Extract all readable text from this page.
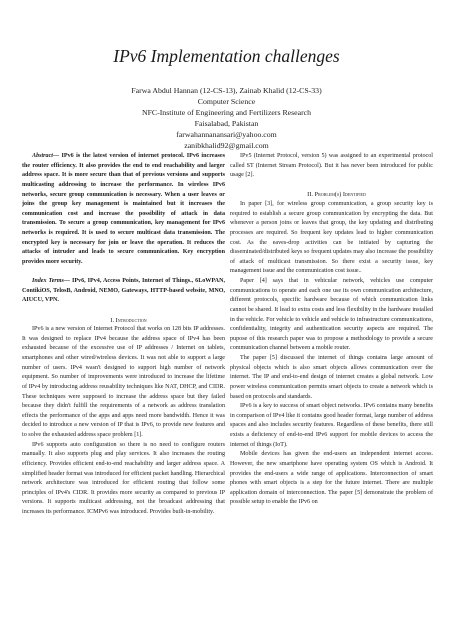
IPv6 Implementation challenges
Farwa Abdul Hannan (12-CS-13), Zainab Khalid (12-CS-33)
Computer Science
NFC-Institute of Engineering and Fertilizers Research
Faisalabad, Pakistan
farwahannanansari@yahoo.com
zanibkhalid92@gmail.com

Abstract— IPv6 is the latest version of internet protocol. IPv6 increases the router efficiency. It also provides the end to end reachability and larger address space. It is more secure than that of previous versions and supports multicasting addressing to increase the performance. In wireless IPv6 networks, secure group communication is necessary. When a user leaves or joins the group key management is maintained but it increases the communication cost and increase the possibility of attack in data transmission. To secure a group communication, key management for IPv6 networks is required. It is used to secure multicast data transmission. The encrypted key is necessary for join or leave the operation. It reduces the attacks of intruder and leads to secure communication. Key encryption provides more security.

Index Terms— IPv6, IPv4, Access Points, Internet of Things., 6LoWPAN, ContikiOS, TelosB, Android, NEMO, Gateways, HTTP-based website, MNO, AIUCU, VPN.

I. Introduction

IPv6 is a new version of Internet Protocol that works on 128 bits IP addresses. It was designed to replace IPv4 because the address space of IPv4 has been exhausted because of the excessive use of IP addresses / Internet on tablets, smartphones and other wired/wireless devices. It was not able to support a large number of users. IPv4 wasn't designed to support high number of network equipment. So number of improvements were introduced to increase the lifetime of IPv4 by introducing address reusability techniques like NAT, DHCP, and CIDR. These techniques were supposed to increase the address space but they failed because they didn't fulfill the requirements of a network as address translation effects the performance of the apps and apps need more bandwidth. Hence it was decided to introduce a new version of IP that is IPv6, to provide new features and to solve the exhausted address space problem [1].

IPv6 supports auto configuration so there is no need to configure routers manually. It also supports plug and play services. It also increases the routing efficiency. Provides efficient end-to-end reachability and larger address space. A simplified header format was introduced for efficient packet handling. Hierarchical network architecture was introduced for efficient routing that follow some principles of IPv4's CIDR. It provides more security as compared to previous IP versions. It supports multicast addressing, not the broadcast addressing that increases its performance. ICMPv6 was introduced. Provides built-in-mobility.

IPv5 (Internet Protocol, version 5) was assigned to an experimental protocol called ST (Internet Stream Protocol). But it has never been introduced for public usage [2].

II. Problem(s) Identified

In paper [3], for wireless group communication, a group security key is required to establish a secure group communication by encrypting the data. But whenever a person joins or leaves that group, the key updating and distributing processes are required. So frequent key updates lead to higher communication cost. As the eaves-drop activities can be initiated by capturing the disseminated/distributed keys so frequent updates may also increase the possibility of attack of multicast transmission. So there exist a security issue, key management issue and the communication cost issue..

Paper [4] says that in vehicular network, vehicles use computer communications to operate and each one use its own communication architecture, different protocols, specific hardware because of which communication links cannot be shared. It lead to extra costs and less flexibility in the hardware installed in the vehicle. For vehicle to vehicle and vehicle to infrastructure communications, confidentiality, integrity and authentication security aspects are required. The pupose of this research paper was to propose a methodology to provide a secure communication channel between a mobile router.

The paper [5] discussed the internet of things contains large amount of physical objects which is also smart objects allows communication over the internet. The IP and end-to-end design of internet creates a global network. Low power wireless communication permits smart objects to create a network which is based on protocols and standards.

IPv6 is a key to success of smart object networks. IPv6 contains many benefits in comparison of IPv4 like it contains good header format, large number of address spaces and also includes security features. Regardless of these benefits, there still exists a deficiency of end-to-end IPv6 support for mobile devices to access the internet of things (IoT).

Mobile devices has given the end-users an independent internet access. However, the new smartphone have operating system OS which is Android. It provides the end-users a wide range of applications. Interconnection of smart phones with smart objects is a step for the future internet. There are multiple application domain of interconnection. The paper [5] demonstrate the problem of possible setup to enable the IPv6 on
